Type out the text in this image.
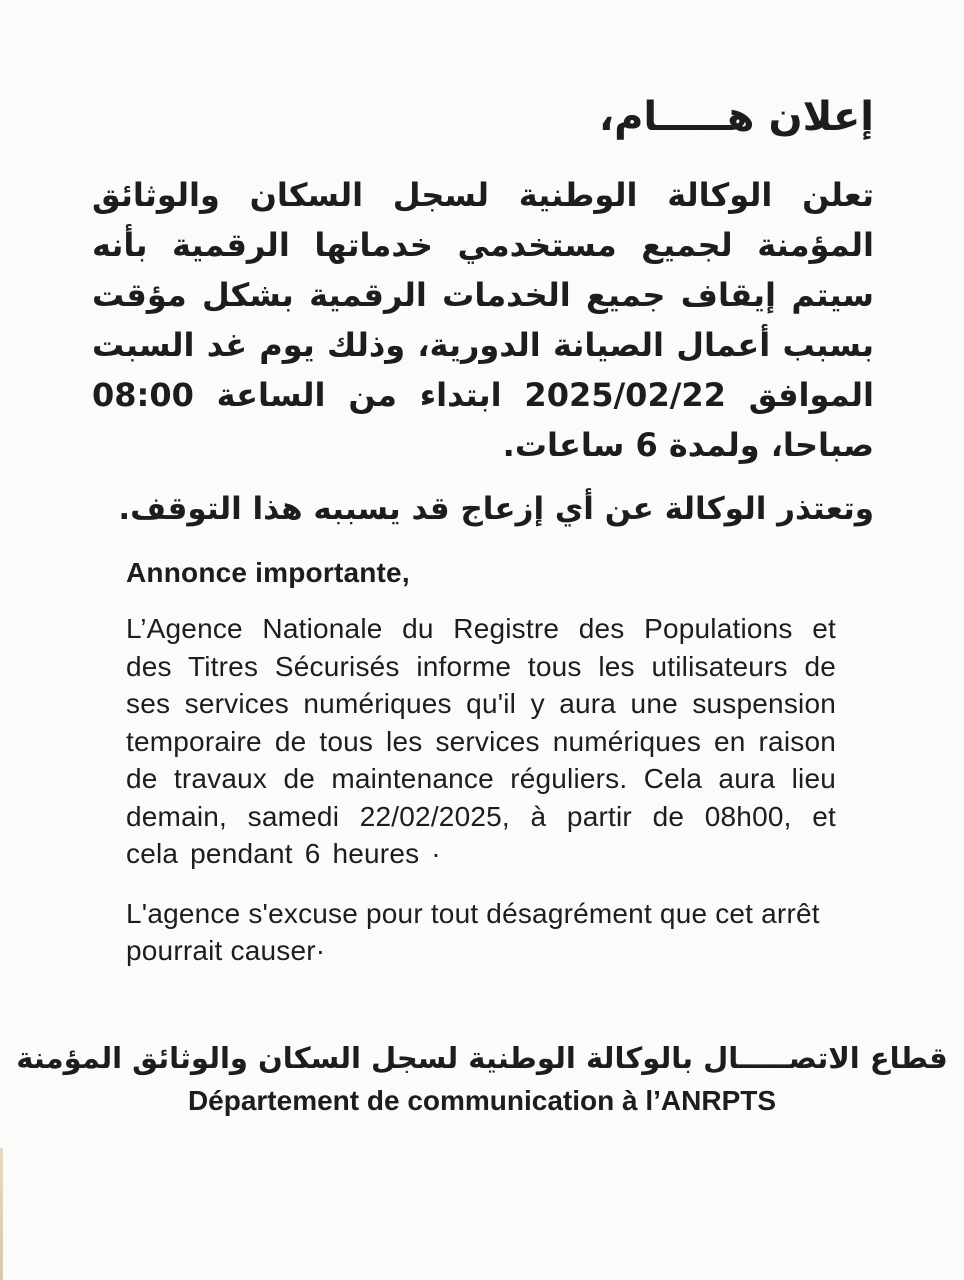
إعلان هـــــام،
تعلن الوكالة الوطنية لسجل السكان والوثائق المؤمنة لجميع مستخدمي خدماتها الرقمية بأنه سيتم إيقاف جميع الخدمات الرقمية بشكل مؤقت بسبب أعمال الصيانة الدورية، وذلك يوم غد السبت الموافق 2025/02/22 ابتداء من الساعة 08:00 صباحا، ولمدة 6 ساعات.
وتعتذر الوكالة عن أي إزعاج قد يسببه هذا التوقف.
Annonce importante,
L’Agence Nationale du Registre des Populations et des Titres Sécurisés informe tous les utilisateurs de ses services numériques qu'il y aura une suspension temporaire de tous les services numériques en raison de travaux de maintenance réguliers. Cela aura lieu demain, samedi 22/02/2025, à partir de 08h00, et cela pendant 6 heures ·
L'agence s'excuse pour tout désagrément que cet arrêt pourrait causer·
قطاع الاتصـــــال بالوكالة الوطنية لسجل السكان والوثائق المؤمنة
Département de communication à l’ANRPTS
